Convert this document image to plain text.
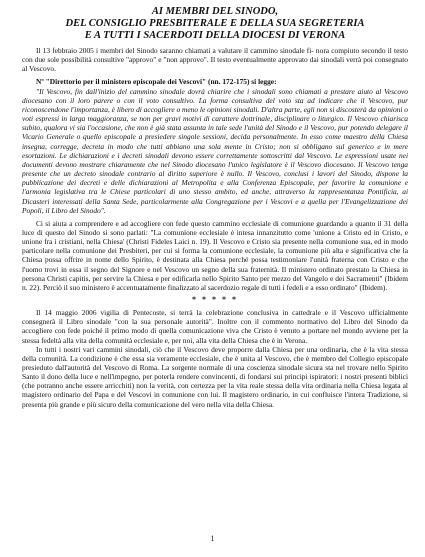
AI MEMBRI DEL SINODO,
DEL CONSIGLIO PRESBITERALE E DELLA SUA SEGRETERIA
E A TUTTI I SACERDOTI DELLA DIOCESI DI VERONA

Il 13 febbraio 2005 i membri del Sinodo saranno chiamati a valutare il cammino sinodale fi- nora compiuto secondo il testo con due sole possibilità consultive "approvo" e "non approvo". Il testo eventualmente approvato dai sinodali verrà poi consegnato al Vescovo.

Nº "Direttorio per il ministero episcopale dei Vescovi" (nn. 172-175) si legge:

"Il Vescovo, fin dall'inizio del cammino sinodale dovrà chiarire che i sinodali sono chiamati a prestare aiuto al Vescovo diocesano con il loro parere o con il voto consultivo. La forma consultiva del voto sta ad indicare che il Vescovo, pur riconoscendone l'importanza, è libero di accogliere o meno le opinioni sinodali. D'altra parte, egli non si discosterà da opinioni o voti espressi in larga maggioranza, se non per gravi motivi di carattere dottrinale, disciplinare o liturgico. Il Vescovo chiarisca subito, qualora vi sia l'occasione, che non è già stata assunta in tale sede l'unità del Sinodo e il Vescovo, pur potendo delegare il Vicario Generale o quello episcopale a presiedere singole sessioni, decida personalmente. In esso come maestro della Chiesa insegna, corregge, decreta in modo che tutti abbiano una sola mente in Cristo; non si obbligano sul generico e in mere esortazioni. Le dichiarazioni e i decreti sinodali devono essere correttamente sottoscritti dal Vescovo. Le espressioni usate nei documenti devono mostrare chiaramente che nel Sinodo diocesano l'unico legislatore è il Vescovo diocesano. Il Vescovo tenga presente che un decreto sinodale contrario al diritto superiore è nullo. Il Vescovo, conclusi i lavori del Sinodo, dispone la pubblicazione dei decreti e delle dichiarazioni al Metropolita e alla Conferenza Episcopale, per favorire la comunione e l'armonia legislativa tra le Chiese particolari di uno stesso ambito, ed anche, attraverso la rappresentanza Pontificia, ai Dicasteri interessati della Santa Sede, particolarmente alla Congregazione per i Vescovi e a quella per l'Evangelizzazione dei Popoli, il Libro del Sinodo".

Ci si aiuta a comprendere e ad accogliere con fede questo cammino ecclesiale di comunione guardando a quanto il 31 della luce di questo del Sinodo si sono parlati: "La comunione ecclesiale è intesa innanzitutto come 'unione a Cristo ed in Cristo, e unione fra i cristiani, nella Chiesa' (Christi Fideles Laici n. 19). Il Vescovo e Cristo sia presente nella comunione sua, ed in modo particolare nella comunione dei Presbiteri, per cui si forma la comunione ecclesiale, la comunione più alta e significativa che la Chiesa possa offrire in nome dello Spirito, è destinata alla Chiesa perché possa testimoniare l'unità fraterna con Cristo e che l'uomo trovi in essa il segno del Signore e nel Vescovo un segno della sua fraternità. Il ministero ordinato prestato la Chiesa in persona Christi capitis, per servire la Chiesa e per edificarla nello Spirito Santo per mezzo del Vangelo e dei Sacramenti" (Ibidem n. 22). Perciò il suo ministero è accentuatamente finalizzato al sacerdozio regale di tutti i fedeli e a esso ordinato" (Ibidem).

* * * * *

Il 14 maggio 2006 vigilia di Pentecoste, si terrà la celebrazione conclusiva in cattedrale e il Vescovo ufficialmente consegnerà il Libro sinodale "con la sua personale autorità". Inoltre con il commento normativo del Libro del Sinodo da accogliere con fede poiché il primo modo di quella comunicazione viva che Cristo è venuto a portare nel mondo avviene per la stessa fedeltà alla vita della comunità ecclesiale e, per noi, alla vita della Chiesa che è in Verona.

In tutti i nostri vari cammini sinodali, ciò che il Vescovo deve proporre dalla Chiesa per una ordinaria, che è la vita stessa della comunità. La condizione è che essa sia veramente ecclesiale, che è unita al Vescovo, che è membro del Collegio episcopale presieduto dall'autorità del Vescovo di Roma. La sorgente normale di una coscienza sinodale sicura sta nel trovare nello Spirito Santo il dono della luce e nell'impegno, per poterla rendere convincenti, di fondarsi sui principi ispiratori: i nostri presenti biblici (che potranno anche essere arricchiti) non la verità, con certezza per la vita reale stessa della vita ordinaria nella Chiesa legata al magistero ordinario del Papa e del Vescovi in comunione con lui. Il magistero ordinario, in cui confluisce l'intera Tradizione, si presenta più grande e più sicuro della comunicazione del vero nella vita della Chiesa.

1
